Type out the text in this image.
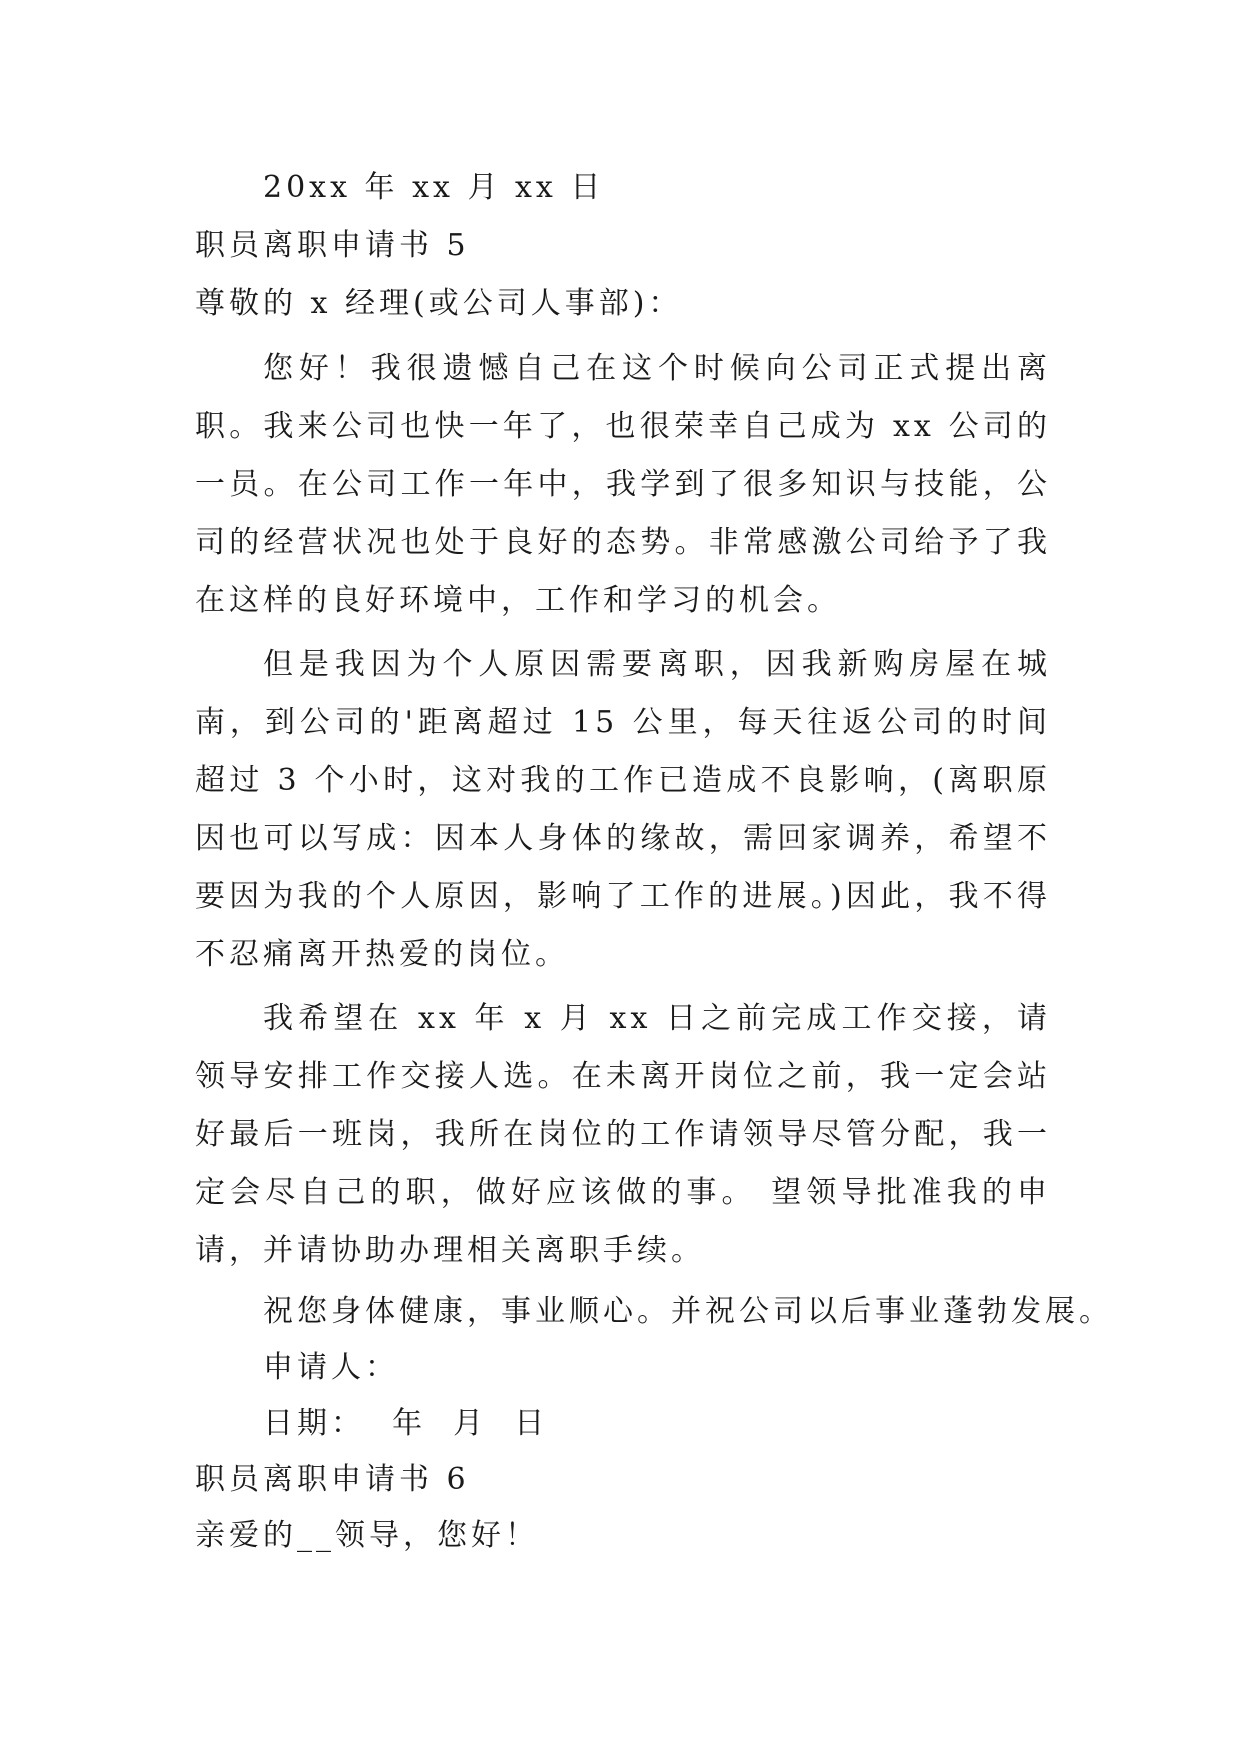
20xx 年 xx 月 xx 日
职员离职申请书 5
尊敬的 x 经理(或公司人事部)：

您好！我很遗憾自己在这个时候向公司正式提出离职。我来公司也快一年了，也很荣幸自己成为 xx 公司的一员。在公司工作一年中，我学到了很多知识与技能，公司的经营状况也处于良好的态势。非常感激公司给予了我在这样的良好环境中，工作和学习的机会。

但是我因为个人原因需要离职，因我新购房屋在城南，到公司的'距离超过 15 公里，每天往返公司的时间超过 3 个小时，这对我的工作已造成不良影响，(离职原因也可以写成：因本人身体的缘故，需回家调养，希望不要因为我的个人原因，影响了工作的进展。)因此，我不得不忍痛离开热爱的岗位。

我希望在 xx 年 x 月 xx 日之前完成工作交接，请领导安排工作交接人选。在未离开岗位之前，我一定会站好最后一班岗，我所在岗位的工作请领导尽管分配，我一定会尽自己的职，做好应该做的事。 望领导批准我的申请，并请协助办理相关离职手续。

祝您身体健康，事业顺心。并祝公司以后事业蓬勃发展。
申请人：
日期：  年  月  日
职员离职申请书 6
亲爱的__领导，您好！
